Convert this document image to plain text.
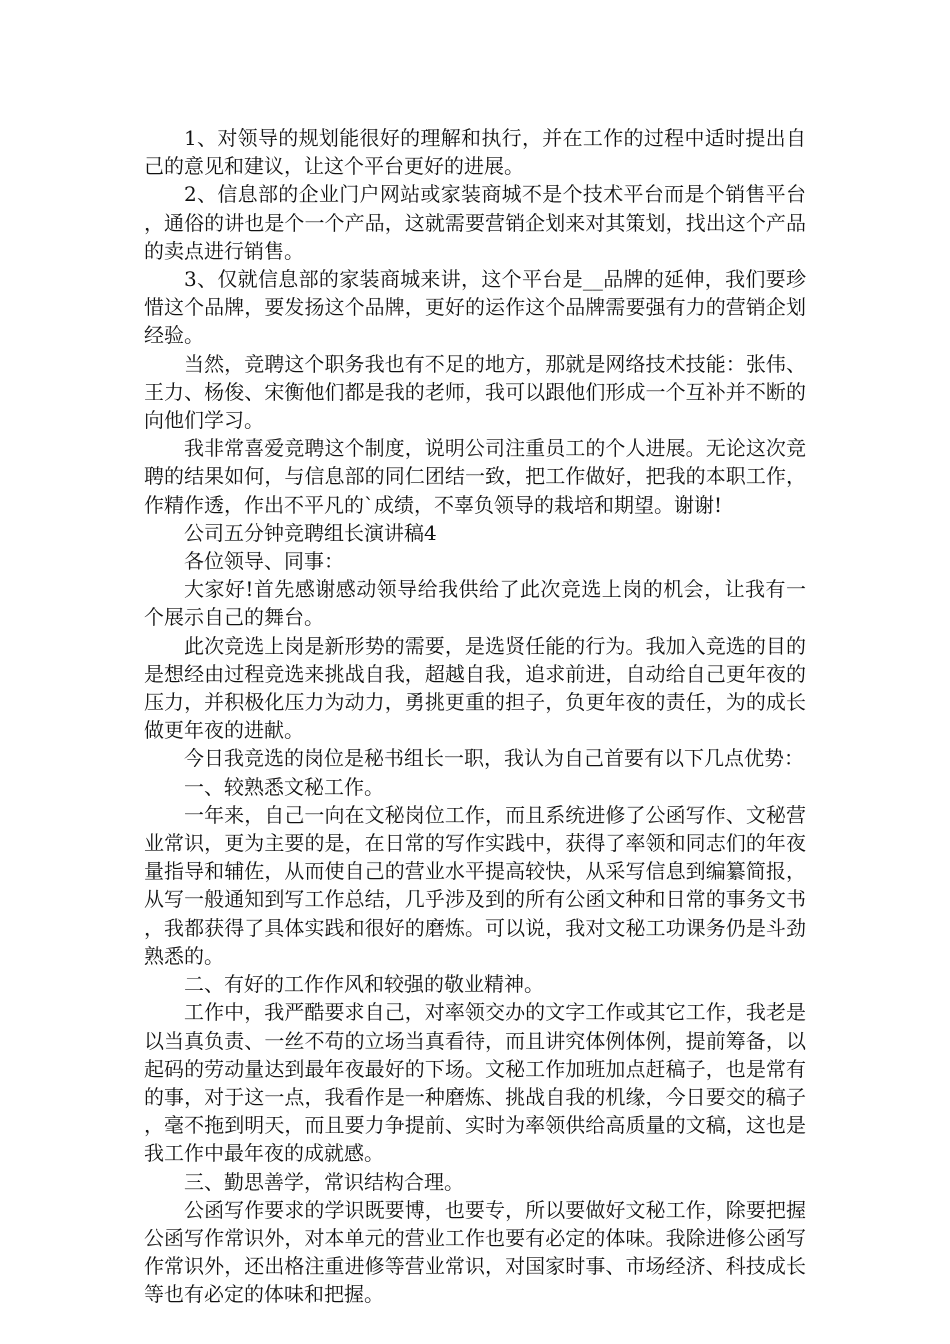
1、对领导的规划能很好的理解和执行，并在工作的过程中适时提出自己的意见和建议，让这个平台更好的进展。

2、信息部的企业门户网站或家装商城不是个技术平台而是个销售平台，通俗的讲也是个一个产品，这就需要营销企划来对其策划，找出这个产品的卖点进行销售。

3、仅就信息部的家装商城来讲，这个平台是__品牌的延伸，我们要珍惜这个品牌，要发扬这个品牌，更好的运作这个品牌需要强有力的营销企划经验。

当然，竞聘这个职务我也有不足的地方，那就是网络技术技能：张伟、王力、杨俊、宋衡他们都是我的老师，我可以跟他们形成一个互补并不断的向他们学习。

我非常喜爱竞聘这个制度，说明公司注重员工的个人进展。无论这次竞聘的结果如何，与信息部的同仁团结一致，把工作做好，把我的本职工作，作精作透，作出不平凡的`成绩，不辜负领导的栽培和期望。谢谢!

公司五分钟竞聘组长演讲稿4

各位领导、同事：

大家好!首先感谢感动领导给我供给了此次竞选上岗的机会，让我有一个展示自己的舞台。

此次竞选上岗是新形势的需要，是选贤任能的行为。我加入竞选的目的是想经由过程竞选来挑战自我，超越自我，追求前进，自动给自己更年夜的压力，并积极化压力为动力，勇挑更重的担子，负更年夜的责任，为的成长做更年夜的进献。

今日我竞选的岗位是秘书组长一职，我认为自己首要有以下几点优势：

一、较熟悉文秘工作。

一年来，自己一向在文秘岗位工作，而且系统进修了公函写作、文秘营业常识，更为主要的是，在日常的写作实践中，获得了率领和同志们的年夜量指导和辅佐，从而使自己的营业水平提高较快，从采写信息到编纂简报，从写一般通知到写工作总结，几乎涉及到的所有公函文种和日常的事务文书，我都获得了具体实践和很好的磨炼。可以说，我对文秘工功课务仍是斗劲熟悉的。

二、有好的工作作风和较强的敬业精神。

工作中，我严酷要求自己，对率领交办的文字工作或其它工作，我老是以当真负责、一丝不苟的立场当真看待，而且讲究体例体例，提前筹备，以起码的劳动量达到最年夜最好的下场。文秘工作加班加点赶稿子，也是常有的事，对于这一点，我看作是一种磨炼、挑战自我的机缘，今日要交的稿子，毫不拖到明天，而且要力争提前、实时为率领供给高质量的文稿，这也是我工作中最年夜的成就感。

三、勤思善学，常识结构合理。

公函写作要求的学识既要博，也要专，所以要做好文秘工作，除要把握公函写作常识外，对本单元的营业工作也要有必定的体味。我除进修公函写作常识外，还出格注重进修等营业常识，对国家时事、市场经济、科技成长等也有必定的体味和把握。
